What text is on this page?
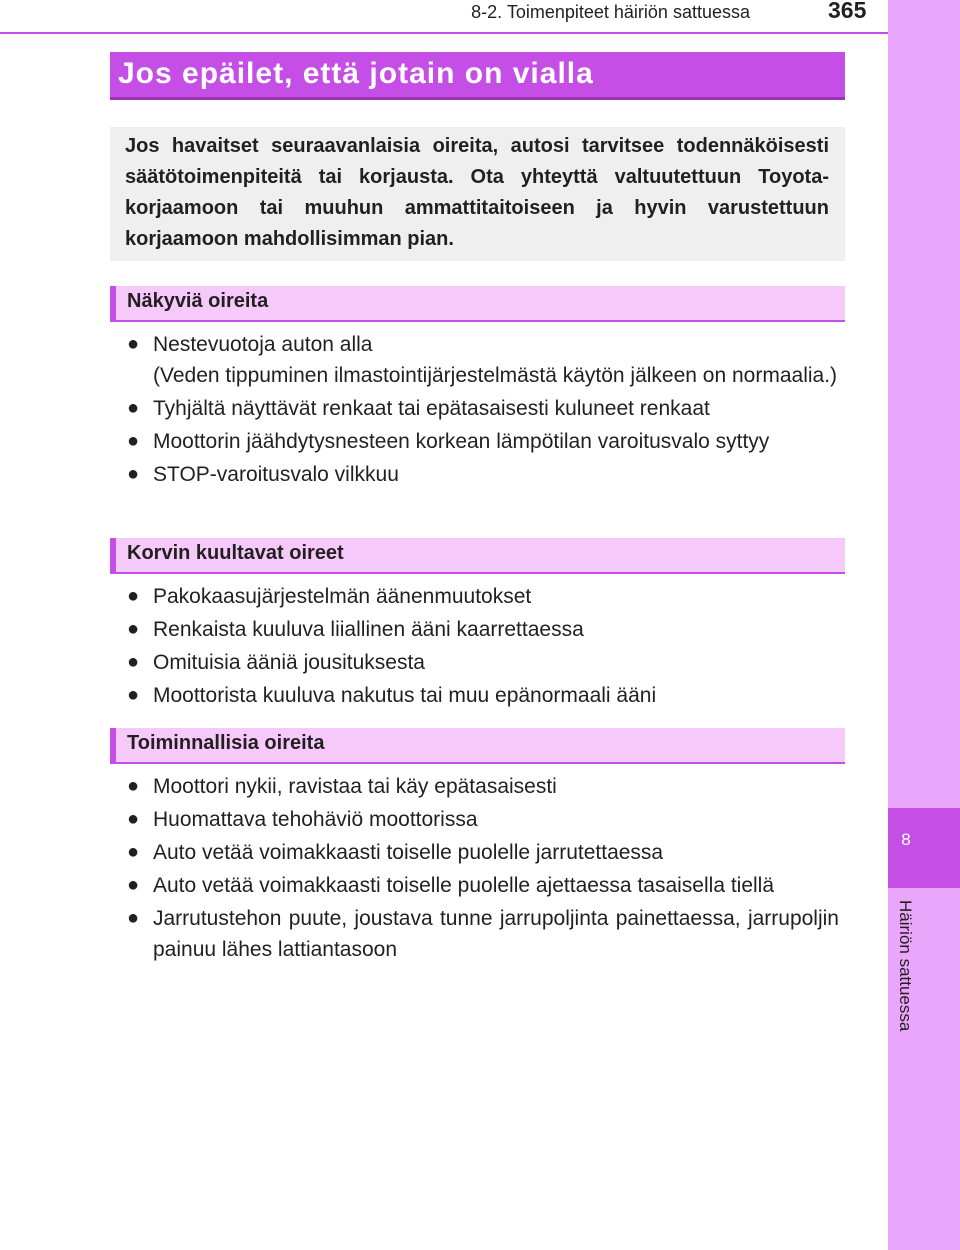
8
Häiriön sattuessa
8-2. Toimenpiteet häiriön sattuessa	365
Jos epäilet, että jotain on vialla

Jos havaitset seuraavanlaisia oireita, autosi tarvitsee todennäköisesti säätötoimenpiteitä tai korjausta. Ota yhteyttä valtuutettuun Toyota-korjaamoon tai muuhun ammattitaitoiseen ja hyvin varustettuun korjaamoon mahdollisimman pian.

Näkyviä oireita
● Nestevuotoja auton alla
(Veden tippuminen ilmastointijärjestelmästä käytön jälkeen on normaalia.)
● Tyhjältä näyttävät renkaat tai epätasaisesti kuluneet renkaat
● Moottorin jäähdytysnesteen korkean lämpötilan varoitusvalo syttyy
● STOP-varoitusvalo vilkkuu
Korvin kuultavat oireet
● Pakokaasujärjestelmän äänenmuutokset
● Renkaista kuuluva liiallinen ääni kaarrettaessa
● Omituisia ääniä jousituksesta
● Moottorista kuuluva nakutus tai muu epänormaali ääni
Toiminnallisia oireita
● Moottori nykii, ravistaa tai käy epätasaisesti
● Huomattava tehohäviö moottorissa
● Auto vetää voimakkaasti toiselle puolelle jarrutettaessa
● Auto vetää voimakkaasti toiselle puolelle ajettaessa tasaisella tiellä
● Jarrutustehon puute, joustava tunne jarrupoljinta painettaessa, jarrupoljin painuu lähes lattiantasoon
